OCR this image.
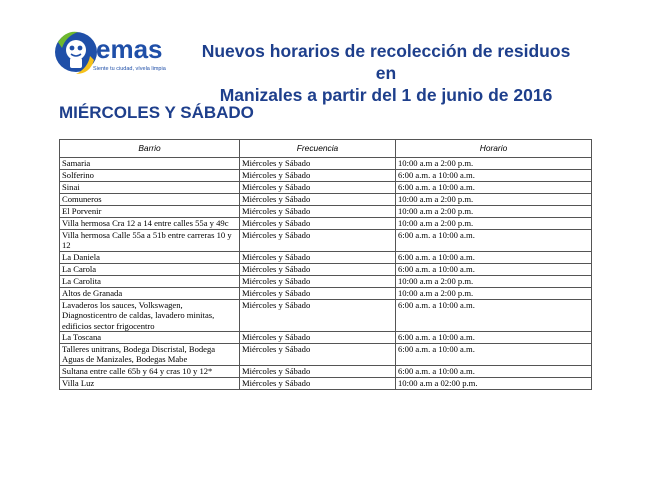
emas
Siente tu ciudad, vívela limpia
Nuevos horarios de recolección de residuos en
Manizales a partir del 1 de junio de 2016
MIÉRCOLES Y SÁBADO
Barrio	Frecuencia	Horario
Samaria	Miércoles y Sábado	10:00 a.m a 2:00 p.m.
Solferino	Miércoles y Sábado	6:00 a.m. a 10:00 a.m.
Sinai	Miércoles y Sábado	6:00 a.m. a 10:00 a.m.
Comuneros	Miércoles y Sábado	10:00 a.m a 2:00 p.m.
El Porvenir	Miércoles y Sábado	10:00 a.m a 2:00 p.m.
Villa hermosa Cra 12 a 14 entre calles 55a y 49c	Miércoles y Sábado	10:00 a.m a 2:00 p.m.
Villa hermosa Calle 55a a 51b entre carreras 10 y 12	Miércoles y Sábado	6:00 a.m. a 10:00 a.m.
La Daniela	Miércoles y Sábado	6:00 a.m. a 10:00 a.m.
La Carola	Miércoles y Sábado	6:00 a.m. a 10:00 a.m.
La Carolita	Miércoles y Sábado	10:00 a.m a 2:00 p.m.
Altos de Granada	Miércoles y Sábado	10:00 a.m a 2:00 p.m.
Lavaderos los sauces, Volkswagen, Diagnosticentro de caldas, lavadero minitas, edificios sector frigocentro	Miércoles y Sábado	6:00 a.m. a 10:00 a.m.
La Toscana	Miércoles y Sábado	6:00 a.m. a 10:00 a.m.
Talleres unitrans, Bodega Discristal, Bodega Aguas de Manizales, Bodegas Mabe	Miércoles y Sábado	6:00 a.m. a 10:00 a.m.
Sultana entre calle 65b y 64 y cras 10 y 12*	Miércoles y Sábado	6:00 a.m. a 10:00 a.m.
Villa Luz	Miércoles y Sábado	10:00 a.m a 02:00 p.m.
